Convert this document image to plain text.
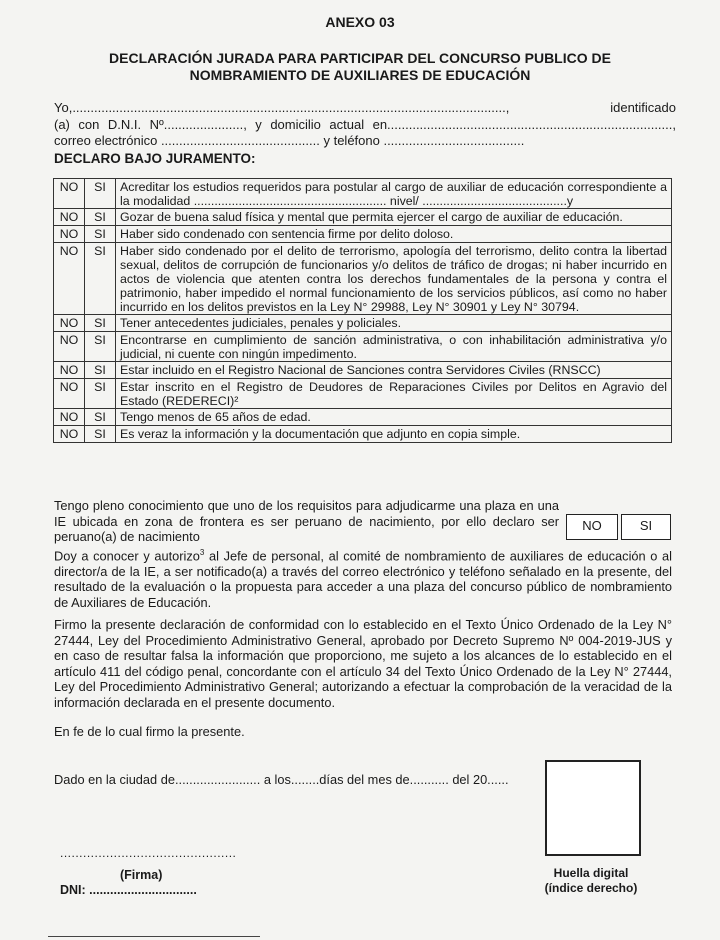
ANEXO 03
DECLARACIÓN JURADA PARA PARTICIPAR DEL CONCURSO PUBLICO DE
NOMBRAMIENTO DE AUXILIARES DE EDUCACIÓN
Yo,........................................................................................................................, identificado
(a) con D.N.I. Nº......................, y domicilio actual en...............................................................................,
correo electrónico ............................................ y teléfono .......................................
DECLARO BAJO JURAMENTO:
NO	SI	Acreditar los estudios requeridos para postular al cargo de auxiliar de educación correspondiente a la modalidad ........................................................ nivel/ ..........................................y
NO	SI	Gozar de buena salud física y mental que permita ejercer el cargo de auxiliar de educación.
NO	SI	Haber sido condenado con sentencia firme por delito doloso.
NO	SI	Haber sido condenado por el delito de terrorismo, apología del terrorismo, delito contra la libertad sexual, delitos de corrupción de funcionarios y/o delitos de tráfico de drogas; ni haber incurrido en actos de violencia que atenten contra los derechos fundamentales de la persona y contra el patrimonio, haber impedido el normal funcionamiento de los servicios públicos, así como no haber incurrido en los delitos previstos en la Ley N° 29988, Ley N° 30901 y Ley N° 30794.
NO	SI	Tener antecedentes judiciales, penales y policiales.
NO	SI	Encontrarse en cumplimiento de sanción administrativa, o con inhabilitación administrativa y/o judicial, ni cuente con ningún impedimento.
NO	SI	Estar incluido en el Registro Nacional de Sanciones contra Servidores Civiles (RNSCC)
NO	SI	Estar inscrito en el Registro de Deudores de Reparaciones Civiles por Delitos en Agravio del Estado (REDERECI)²
NO	SI	Tengo menos de 65 años de edad.
NO	SI	Es veraz la información y la documentación que adjunto en copia simple.
Tengo pleno conocimiento que uno de los requisitos para adjudicarme una plaza en una IE ubicada en zona de frontera es ser peruano de nacimiento, por ello declaro ser peruano(a) de nacimiento
NO	SI
Doy a conocer y autorizo$^3$ al Jefe de personal, al comité de nombramiento de auxiliares de educación o al director/a de la IE, a ser notificado(a) a través del correo electrónico y teléfono señalado en la presente, del resultado de la evaluación o la propuesta para acceder a una plaza del concurso público de nombramiento de Auxiliares de Educación.
Firmo la presente declaración de conformidad con lo establecido en el Texto Único Ordenado de la Ley N° 27444, Ley del Procedimiento Administrativo General, aprobado por Decreto Supremo Nº 004-2019-JUS y en caso de resultar falsa la información que proporciono, me sujeto a los alcances de lo establecido en el artículo 411 del código penal, concordante con el artículo 34 del Texto Único Ordenado de la Ley N° 27444, Ley del Procedimiento Administrativo General; autorizando a efectuar la comprobación de la veracidad de la información declarada en el presente documento.
En fe de lo cual firmo la presente.
Dado en la ciudad de........................ a los........días del mes de........... del 20......
..............................................
(Firma)
DNI: ...............................
Huella digital
(índice derecho)
